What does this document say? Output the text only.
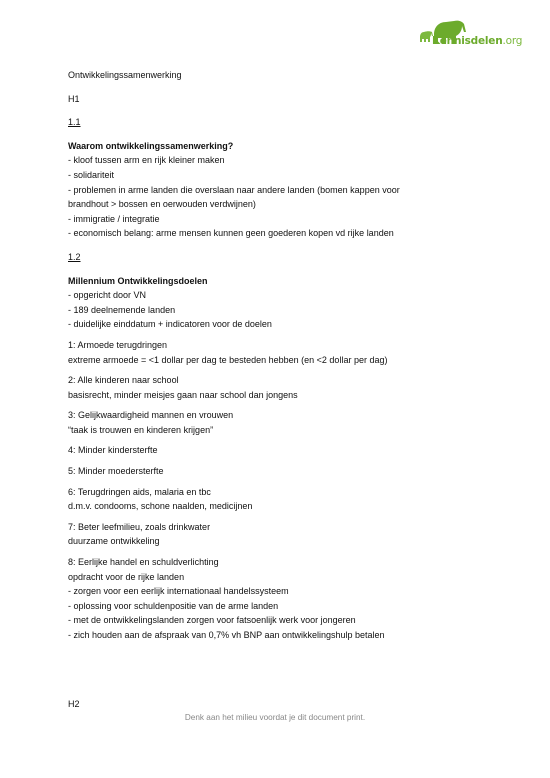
Kennisdelen.org
Ontwikkelingssamenwerking
H1
1.1
Waarom ontwikkelingssamenwerking?
- kloof tussen arm en rijk kleiner maken
- solidariteit
- problemen in arme landen die overslaan naar andere landen (bomen kappen voor
brandhout > bossen en oerwouden verdwijnen)
- immigratie / integratie
- economisch belang: arme mensen kunnen geen goederen kopen vd rijke landen
1.2
Millennium Ontwikkelingsdoelen
- opgericht door VN
- 189 deelnemende landen
- duidelijke einddatum + indicatoren voor de doelen
1: Armoede terugdringen
extreme armoede = <1 dollar per dag te besteden hebben (en <2 dollar per dag)
2: Alle kinderen naar school
basisrecht, minder meisjes gaan naar school dan jongens
3: Gelijkwaardigheid mannen en vrouwen
“taak is trouwen en kinderen krijgen”
4: Minder kindersterfte
5: Minder moedersterfte
6: Terugdringen aids, malaria en tbc
d.m.v. condooms, schone naalden, medicijnen
7: Beter leefmilieu, zoals drinkwater
duurzame ontwikkeling
8: Eerlijke handel en schuldverlichting
opdracht voor de rijke landen
- zorgen voor een eerlijk internationaal handelssysteem
- oplossing voor schuldenpositie van de arme landen
- met de ontwikkelingslanden zorgen voor fatsoenlijk werk voor jongeren
- zich houden aan de afspraak van 0,7% vh BNP aan ontwikkelingshulp betalen
H2
Denk aan het milieu voordat je dit document print.
